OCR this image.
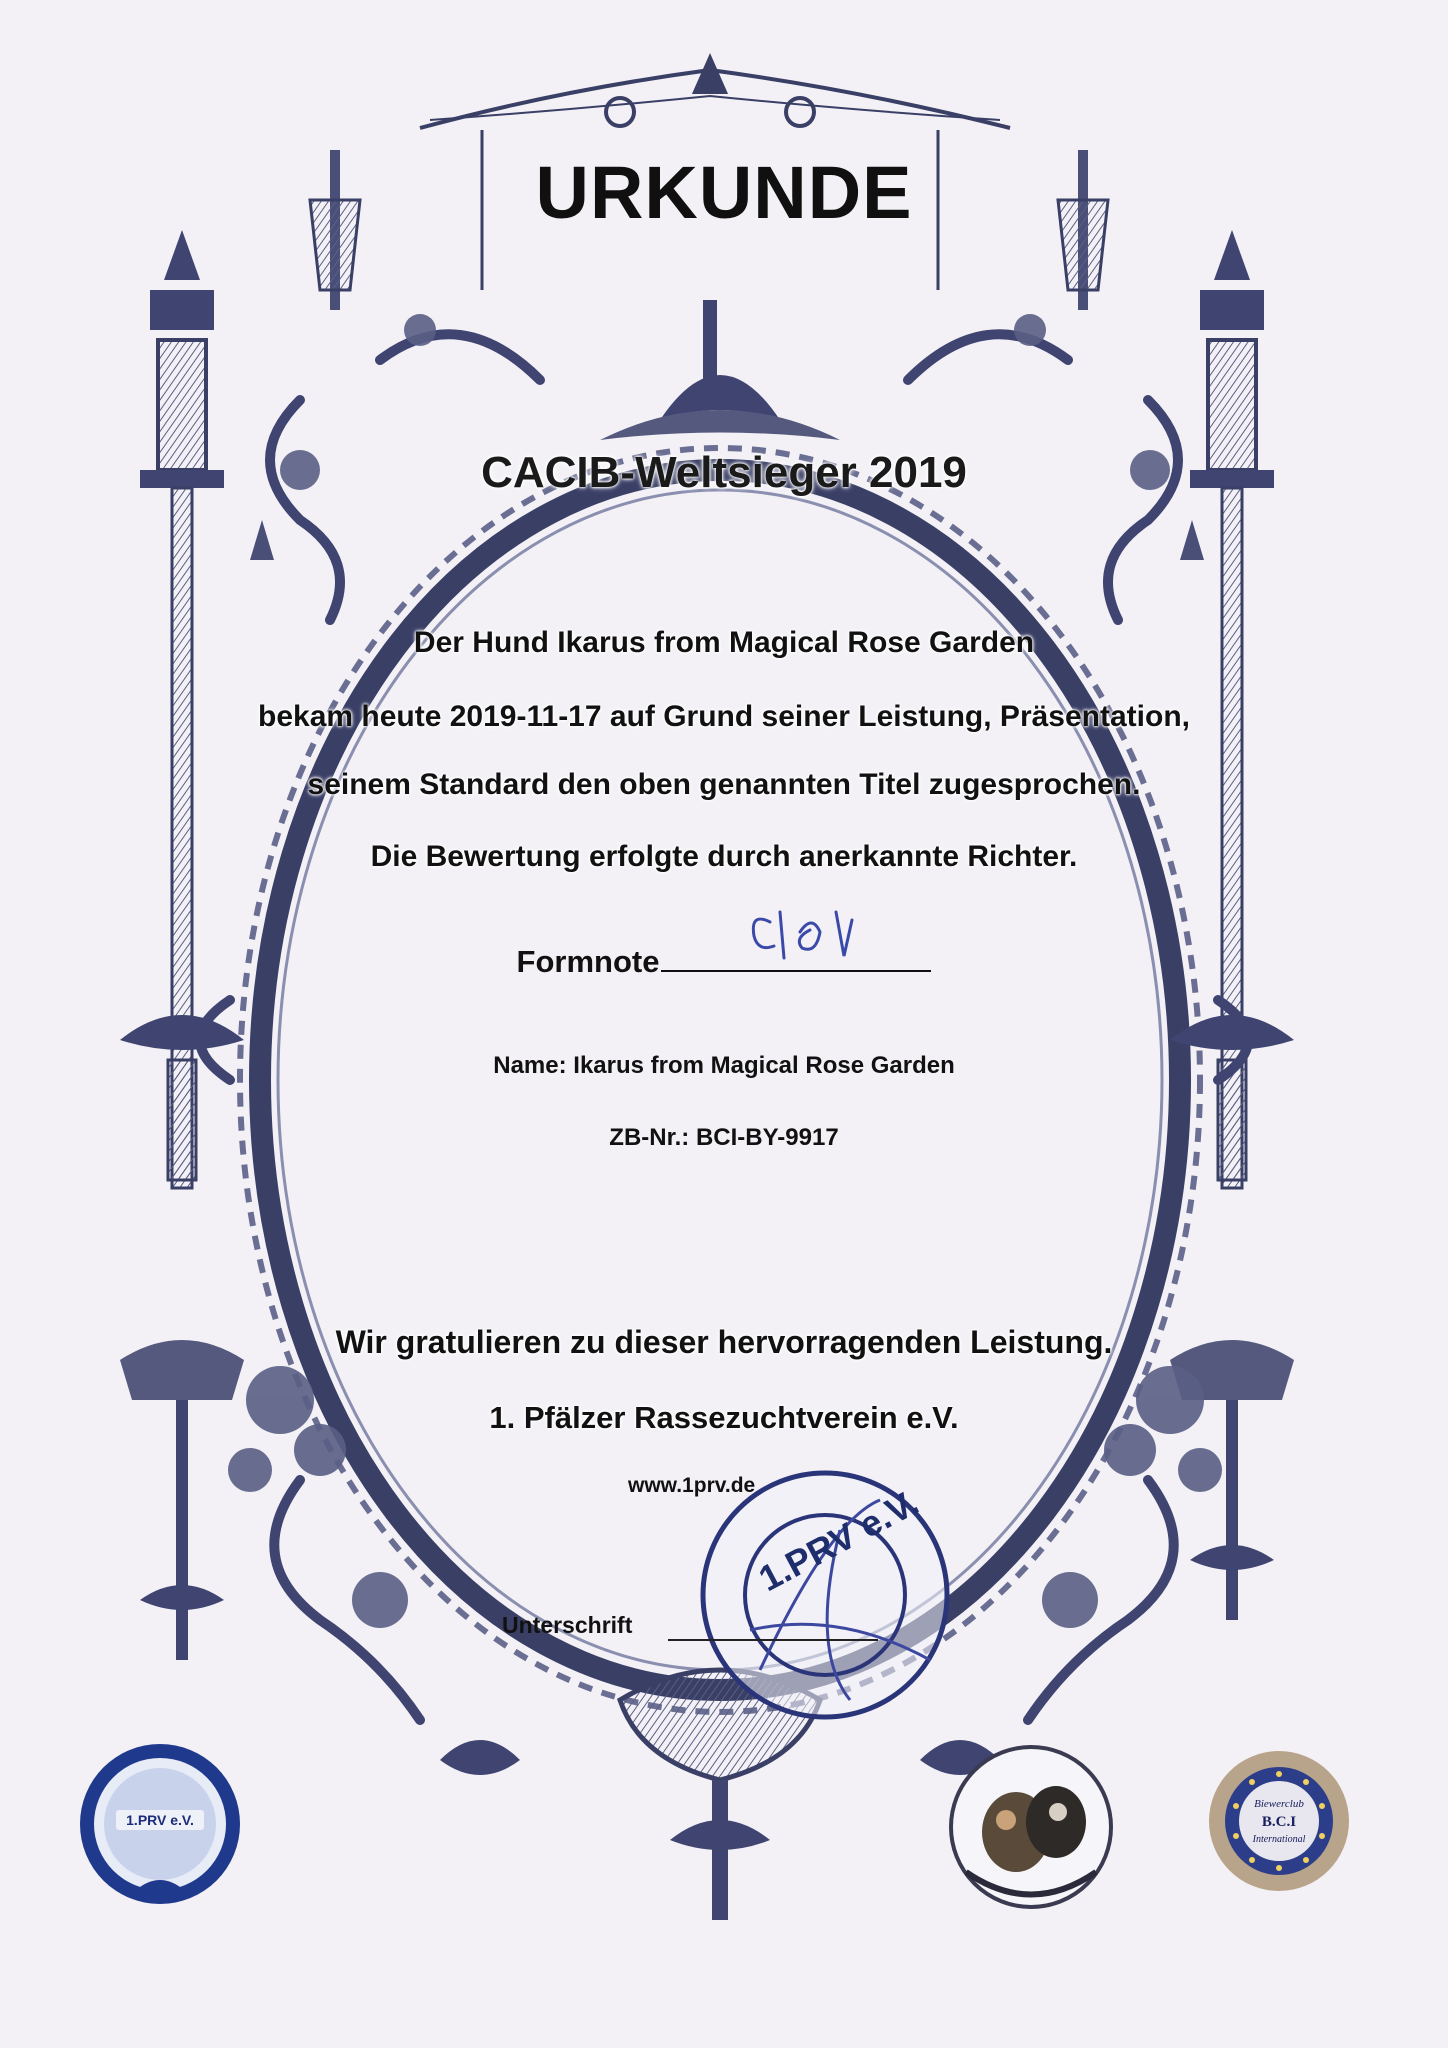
URKUNDE
CACIB-Weltsieger 2019
Der Hund Ikarus from Magical Rose Garden
bekam heute 2019-11-17 auf Grund seiner Leistung, Präsentation,
seinem Standard den oben genannten Titel zugesprochen.
Die Bewertung erfolgte durch anerkannte Richter.
Formnote
Name: Ikarus from Magical Rose Garden
ZB-Nr.: BCI-BY-9917
Wir gratulieren zu dieser hervorragenden Leistung.
1. Pfälzer Rassezuchtverein e.V.
www.1prv.de
1.PRV e.V.
Unterschrift
1.PRV e.V.
Biewerclub
B.C.I
International
